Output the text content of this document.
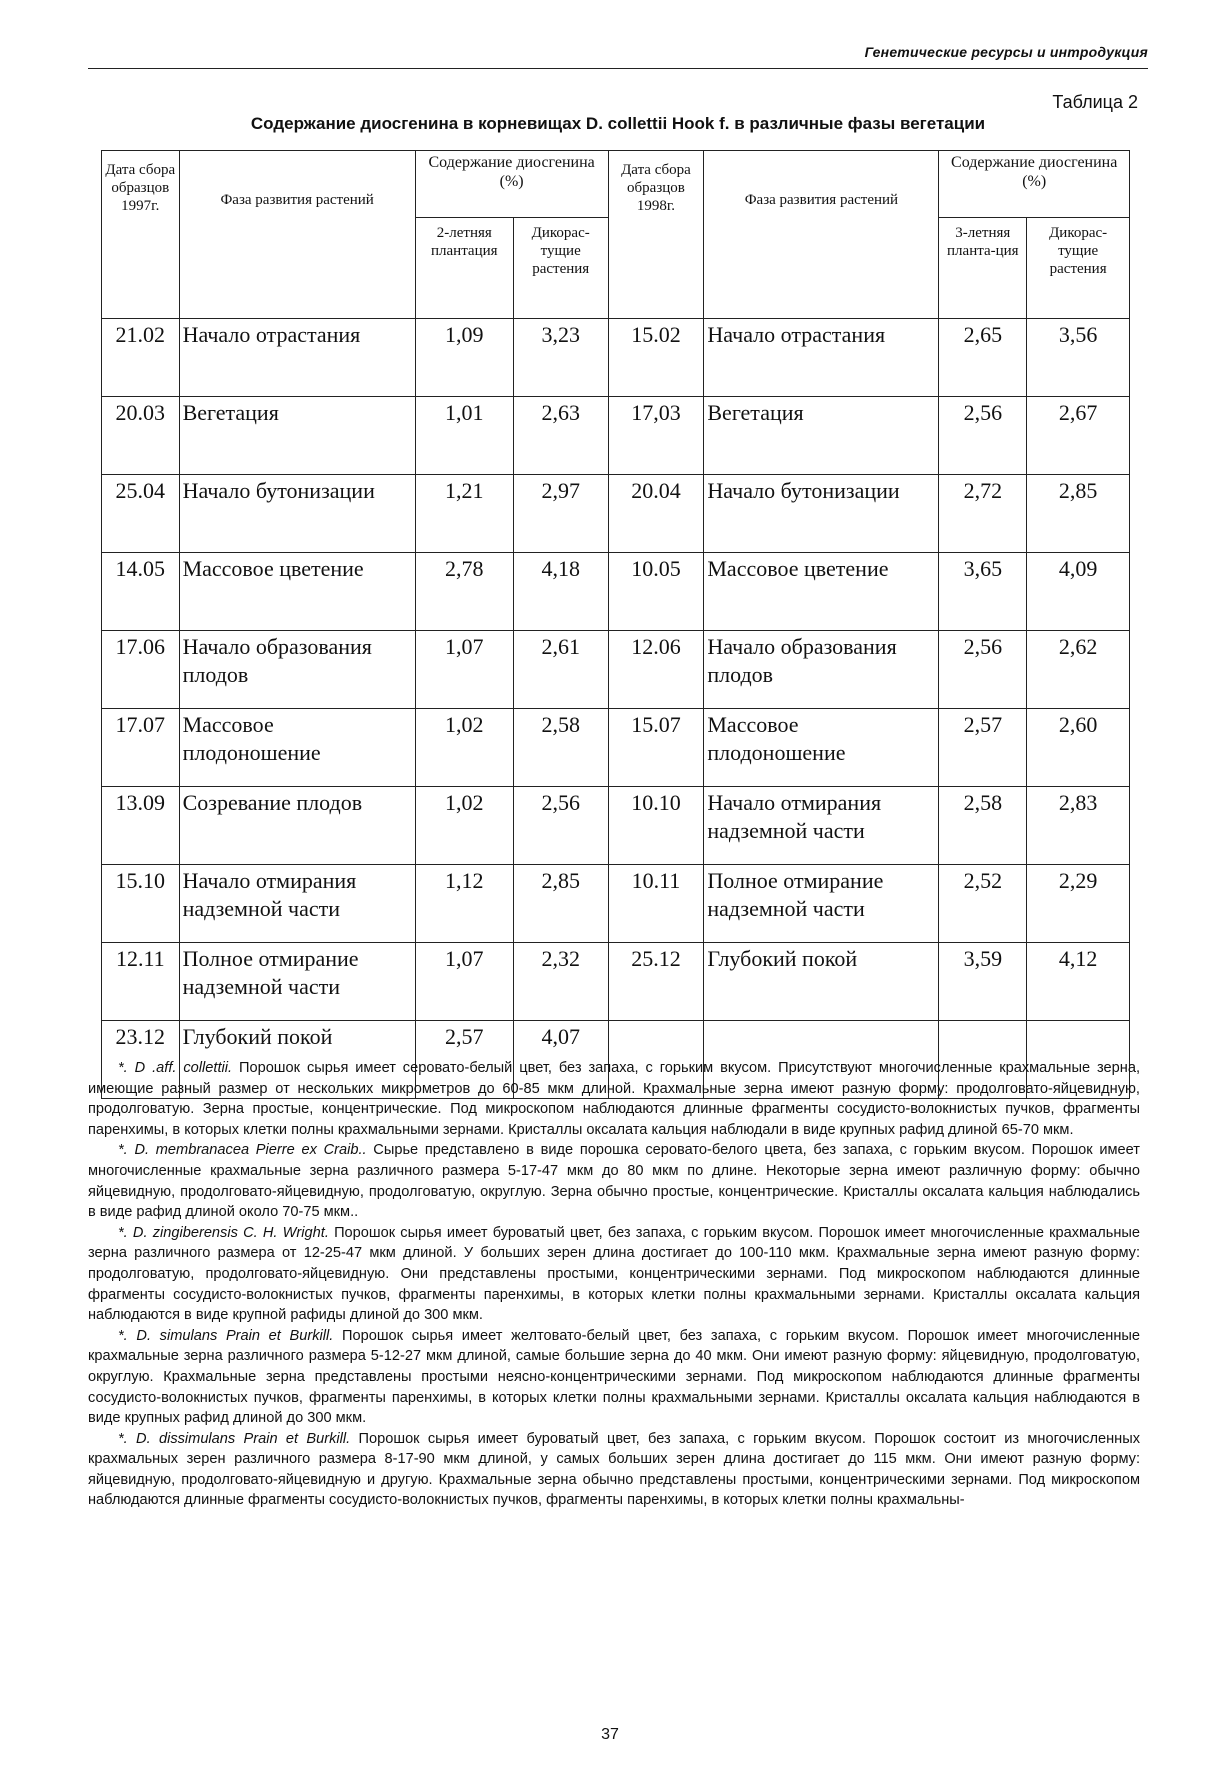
Генетические ресурсы и интродукция
Таблица 2
Содержание диосгенина в корневищах D. collettii Hook f. в различные фазы вегетации
Дата сбора образцов 1997г.	Фаза развития растений	Содержание диосгенина (%)		Дата сбора образцов 1998г.	Фаза развития растений	Содержание диосгенина (%)	
		2-летняя плантация	Дикорас-тущие растения			3-летняя планта-ция	Дикорас-тущие растения
21.02	Начало отрастания	1,09	3,23	15.02	Начало отрастания	2,65	3,56
20.03	Вегетация	1,01	2,63	17,03	Вегетация	2,56	2,67
25.04	Начало бутонизации	1,21	2,97	20.04	Начало бутонизации	2,72	2,85
14.05	Массовое цветение	2,78	4,18	10.05	Массовое цветение	3,65	4,09
17.06	Начало образования плодов	1,07	2,61	12.06	Начало образования плодов	2,56	2,62
17.07	Массовое плодоношение	1,02	2,58	15.07	Массовое плодоношение	2,57	2,60
13.09	Созревание плодов	1,02	2,56	10.10	Начало отмирания надземной части	2,58	2,83
15.10	Начало отмирания надземной части	1,12	2,85	10.11	Полное отмирание надземной части	2,52	2,29
12.11	Полное отмирание надземной части	1,07	2,32	25.12	Глубокий покой	3,59	4,12
23.12	Глубокий покой	2,57	4,07				

*. D .aff. collettii. Порошок сырья имеет серовато-белый цвет, без запаха, с горьким вкусом. Присутствуют многочисленные крахмальные зерна, имеющие разный размер от нескольких микрометров до 60-85 мкм длиной. Крахмальные зерна имеют разную форму: продолговато-яйцевидную, продолговатую. Зерна простые, концентрические. Под микроскопом наблюдаются длинные фрагменты сосудисто-волокнистых пучков, фрагменты паренхимы, в которых клетки полны крахмальными зернами. Кристаллы оксалата кальция наблюдали в виде крупных рафид длиной 65-70 мкм.

*. D. membranacea Pierre ex Craib.. Сырье представлено в виде порошка серовато-белого цвета, без запаха, с горьким вкусом. Порошок имеет многочисленные крахмальные зерна различного размера 5-17-47 мкм до 80 мкм по длине. Некоторые зерна имеют различную форму: обычно яйцевидную, продолговато-яйцевидную, продолговатую, округлую. Зерна обычно простые, концентрические. Кристаллы оксалата кальция наблюдались в виде рафид длиной около 70-75 мкм..

*. D. zingiberensis C. H. Wright. Порошок сырья имеет буроватый цвет, без запаха, с горьким вкусом. Порошок имеет многочисленные крахмальные зерна различного размера от 12-25-47 мкм длиной. У больших зерен длина достигает до 100-110 мкм. Крахмальные зерна имеют разную форму: продолговатую, продолговато-яйцевидную. Они представлены простыми, концентрическими зернами. Под микроскопом наблюдаются длинные фрагменты сосудисто-волокнистых пучков, фрагменты паренхимы, в которых клетки полны крахмальными зернами. Кристаллы оксалата кальция наблюдаются в виде крупной рафиды длиной до 300 мкм.

*. D. simulans Prain et Burkill. Порошок сырья имеет желтовато-белый цвет, без запаха, с горьким вкусом. Порошок имеет многочисленные крахмальные зерна различного размера 5-12-27 мкм длиной, самые большие зерна до 40 мкм. Они имеют разную форму: яйцевидную, продолговатую, округлую. Крахмальные зерна представлены простыми неясно-концентрическими зернами. Под микроскопом наблюдаются длинные фрагменты сосудисто-волокнистых пучков, фрагменты паренхимы, в которых клетки полны крахмальными зернами. Кристаллы оксалата кальция наблюдаются в виде крупных рафид длиной до 300 мкм.

*. D. dissimulans Prain et Burkill. Порошок сырья имеет буроватый цвет, без запаха, с горьким вкусом. Порошок состоит из многочисленных крахмальных зерен различного размера 8-17-90 мкм длиной, у самых больших зерен длина достигает до 115 мкм. Они имеют разную форму: яйцевидную, продолговато-яйцевидную и другую. Крахмальные зерна обычно представлены простыми, концентрическими зернами. Под микроскопом наблюдаются длинные фрагменты сосудисто-волокнистых пучков, фрагменты паренхимы, в которых клетки полны крахмальны-

37
